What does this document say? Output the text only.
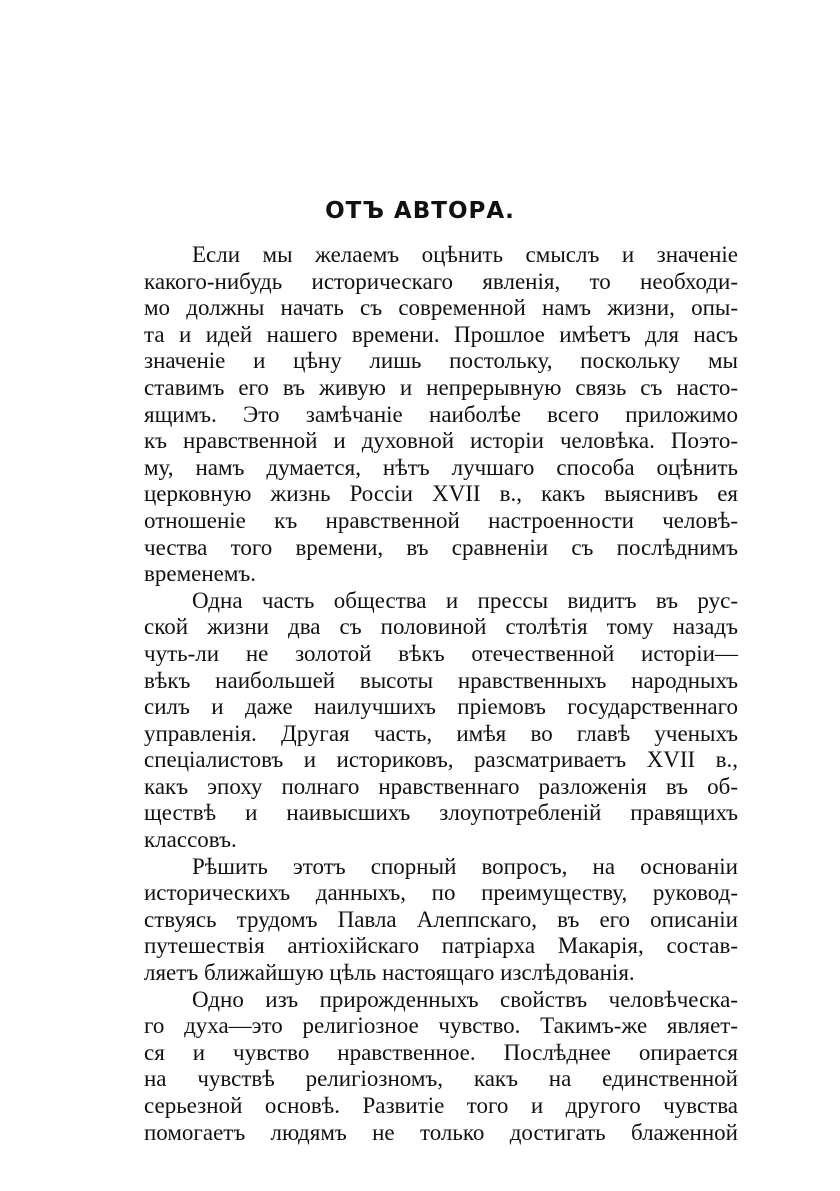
ОТЪ АВТОРА.
Если мы желаемъ оцѣнить смыслъ и значенiе
какого-нибудь историческаго явленія, то необходи-
мо должны начать съ современной намъ жизни, опы-
та и идей нашего времени. Прошлое имѣетъ для насъ
значенiе и цѣну лишь постольку, поскольку мы
ставимъ его въ живую и непрерывную связь съ насто-
ящимъ. Это замѣчанiе наиболѣе всего приложимо
къ нравственной и духовной исторiи человѣка. Поэто-
му, намъ думается, нѣтъ лучшаго способа оцѣнить
церковную жизнь Россiи XVII в., какъ выяснивъ ея
отношенiе къ нравственной настроенности человѣ-
чества того времени, въ сравненiи съ послѣднимъ
временемъ.
Одна часть общества и прессы видитъ въ рус-
ской жизни два съ половиной столѣтiя тому назадъ
чуть-ли не золотой вѣкъ отечественной исторiи—
вѣкъ наибольшей высоты нравственныхъ народныхъ
силъ и даже наилучшихъ прiемовъ государственнаго
управленія. Другая часть, имѣя во главѣ ученыхъ
спецiалистовъ и историковъ, разсматриваетъ XVII в.,
какъ эпоху полнаго нравственнаго разложенiя въ об-
ществѣ и наивысшихъ злоупотребленiй правящихъ
классовъ.
Рѣшить этотъ спорный вопросъ, на основанiи
историческихъ данныхъ, по преимуществу, руковод-
ствуясь трудомъ Павла Алеппскаго, въ его описанiи
путешествiя антiохiйскаго патрiарха Макарiя, состав-
ляетъ ближайшую цѣль настоящаго изслѣдованiя.
Одно изъ прирожденныхъ свойствъ человѣческа-
го духа—это религiозное чувство. Такимъ-же являет-
ся и чувство нравственное. Послѣднее опирается
на чувствѣ религiозномъ, какъ на единственной
серьезной основѣ. Развитiе того и другого чувства
помогаетъ людямъ не только достигать блаженной
